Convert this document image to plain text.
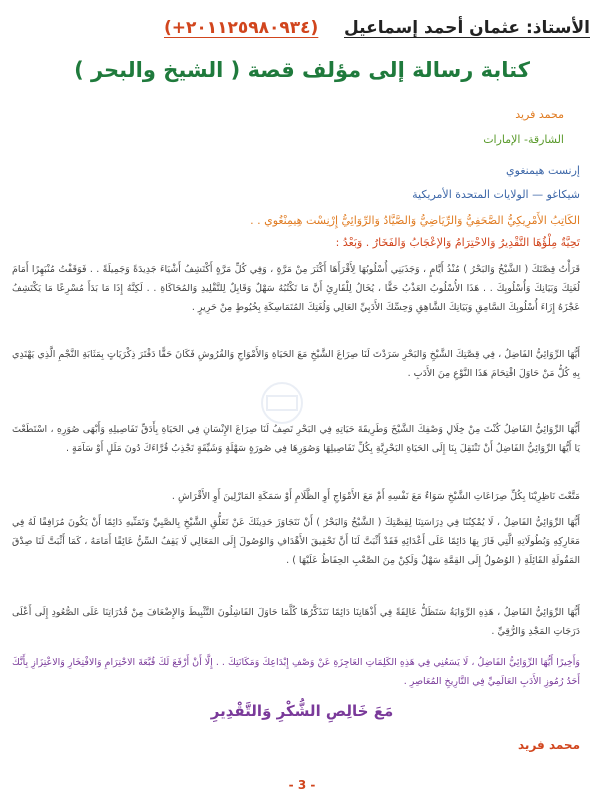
الأستاذ: عثمان أحمد إسماعيل
(+٢٠١١٢٥٩٨٠٩٣٤)
كتابة رسالة إلى مؤلف قصة ( الشيخ والبحر )
محمد فريد
الشارقة- الإمارات
إرنست هيمنغوي
شيكاغو — الولايات المتحدة الأمريكية
الكَاتِبُ الأَمْرِيكِيُّ الصَّحَفِيُّ وَالرِّيَاضِيُّ وَالصَّيَّادُ وَالرِّوَائِيُّ إِرْنِسْت هِيمِنْغُوي . .
تَحِيَّةٌ مِلْؤُهَا التَّقْدِيرُ وَالاحْتِرَامُ وَالإعْجَابُ وَالفَخَارُ . وَبَعْدُ :
قَرَأْتُ قِصَّتَكَ ( الشَّيْخُ وَالبَحْرُ ) مُنْذُ أَيَّامٍ ، وَجَذَبَنِي أُسْلُوبُهَا لِأَقْرَأَهَا أَكْثَرَ مِنْ مَرَّةٍ ، وَفِي كُلِّ مَرَّةٍ أَكْتَشِفُ أَشْيَاءَ جَدِيدَةً وَجَمِيلَةً . . فَوَقَفْتُ مُنْبَهِرًا أَمَامَ لُغَتِكَ وَبَيَانِكَ وَأُسْلُوبِكَ . . هَذَا الأُسْلُوبُ العَذْبُ حَقًّا ، يُخَالُ لِلْقَارِئِ أَنَّ مَا تَكْتُبُهُ سَهْلٌ وَقَابِلٌ لِلتَّقْلِيدِ وَالمُحَاكَاةِ . . لَكِنَّهُ إِذَا مَا بَدَأَ مُسْرِعًا مَا يَكْتَشِفُ عَجْزَهُ إِزَاءَ أُسْلُوبِكَ السَّامِقِ وَبَيَانِكَ الشَّاهِقِ وَحِسِّكَ الأَدَبِيِّ العَالِي وَلُغَتِكَ المُتَمَاسِكَةِ بِخُيُوطٍ مِنْ حَرِيرٍ .
أَيُّهَا الرِّوَائِيُّ الفَاضِلُ ، فِي قِصَّتِكَ الشَّيْخِ وَالبَحْرِ سَرَدْتَ لَنَا صِرَاعَ الشَّيْخِ مَعَ الحَيَاةِ وَالأَمْوَاجِ وَالقُرُوشِ فَكَانَ حَقًّا دَفْتَرَ ذِكْرَيَاتٍ بِمَثَابَةِ النَّجْمِ الَّذِي يَهْتَدِي بِهِ كُلُّ مَنْ حَاوَلَ اقْتِحَامَ هَذَا النَّوْعِ مِنَ الأَدَبِ .
أَيُّهَا الرِّوَائِيُّ الفَاضِلُ كُنْتَ مِنْ خِلَالِ وَصْفِكَ الشَّيْخَ وَطَرِيقَةَ حَيَاتِهِ فِي البَحْرِ تَصِفُ لَنَا صِرَاعَ الإِنْسَانِ فِي الحَيَاةِ بِأَدَقِّ تَفَاصِيلِهِ وَأَبْهَى صُوَرِهِ ، اسْتَطَعْتَ يَا أَيُّهَا الرِّوَائِيُّ الفَاضِلُ أَنْ تَنْتَقِلَ بِنَا إِلَى الحَيَاةِ البَحْرِيَّةِ بِكُلِّ تَفَاصِيلِهَا وَصُوَرِهَا فِي صُورَةٍ سَهْلَةٍ وَشَيِّقَةٍ تَجْذِبُ قُرَّاءَكَ دُونَ مَلَلٍ أَوْ سَآمَةٍ .
مَتَّعْتَ نَاظِرِيْنَا بِكُلِّ صِرَاعَاتِ الشَّيْخِ سَوَاءٌ مَعَ نَفْسِهِ أَمْ مَعَ الأَمْوَاجِ أَوِ الظَّلَامِ أَوْ سَمَكَةِ المَارْلِينَ أَوِ الأَقْرَاشِ .
أَيُّهَا الرِّوَائِيُّ الفَاضِلُ ، لَا يُمْكِنُنَا فِي دِرَاسَتِنَا لِقِصَّتِكَ ( الشَّيْخُ وَالبَحْرُ ) أَنْ نَتَجَاوَزَ حَدِيثَكَ عَنْ تَعَلُّقِ الشَّيْخِ بِالصَّبِيِّ وَتَمَنِّيهِ دَائِمًا أَنْ يَكُونَ مُرَافِقًا لَهُ فِي مَعَارِكِهِ وَبُطُولَاتِهِ الَّتِي فَازَ بِهَا دَائِمًا عَلَى أَعْدَائِهِ فَقَدْ أَثْبَتَّ لَنَا أَنَّ تَحْقِيقَ الأَهْدَافِ وَالوُصُولَ إِلَى المَعَالِي لَا يَقِفُ السِّنُّ عَائِقًا أَمَامَهُ ، كَمَا أَثْبَتَّ لَنَا صِدْقَ المَقُولَةِ القَائِلَةِ ( الوُصُولُ إِلَى القِمَّةِ سَهْلٌ وَلَكِنْ مِنَ الصَّعْبِ الحِفَاظُ عَلَيْهَا ) .
أَيُّهَا الرِّوَائِيُّ الفَاضِلُ ، هَذِهِ الرِّوَايَةُ سَتَظَلُّ عَالِقَةً فِي أَذْهَانِنَا دَائِمًا نَتَذَكَّرُهَا كُلَّمَا حَاوَلَ الفَاشِلُونَ التَّثْبِيطَ وَالإِضْعَافَ مِنْ قُدُرَاتِنَا عَلَى الصُّعُودِ إِلَى أَعْلَى دَرَجَاتِ المَجْدِ وَالرُّقِيِّ .
وَأَخِيرًا أَيُّهَا الرِّوَائِيُّ الفَاضِلُ ، لَا يَسَعُنِي فِي هَذِهِ الكَلِمَاتِ العَاجِزَةِ عَنْ وَصْفِ إِبْدَاعِكَ وَمَكَانَتِكَ . . إِلَّا أَنْ أَرْفَعَ لَكَ قُبَّعَةَ الاحْتِرَامِ وَالافْتِخَارِ وَالاعْتِزَازِ بِأَنَّكَ أَحَدُ رُمُوزِ الأَدَبِ العَالَمِيِّ فِي التَّارِيخِ المُعَاصِرِ .
مَعَ خَالِصِ الشُّكْرِ وَالتَّقْدِيرِ
محمد فريد
- 3 -
